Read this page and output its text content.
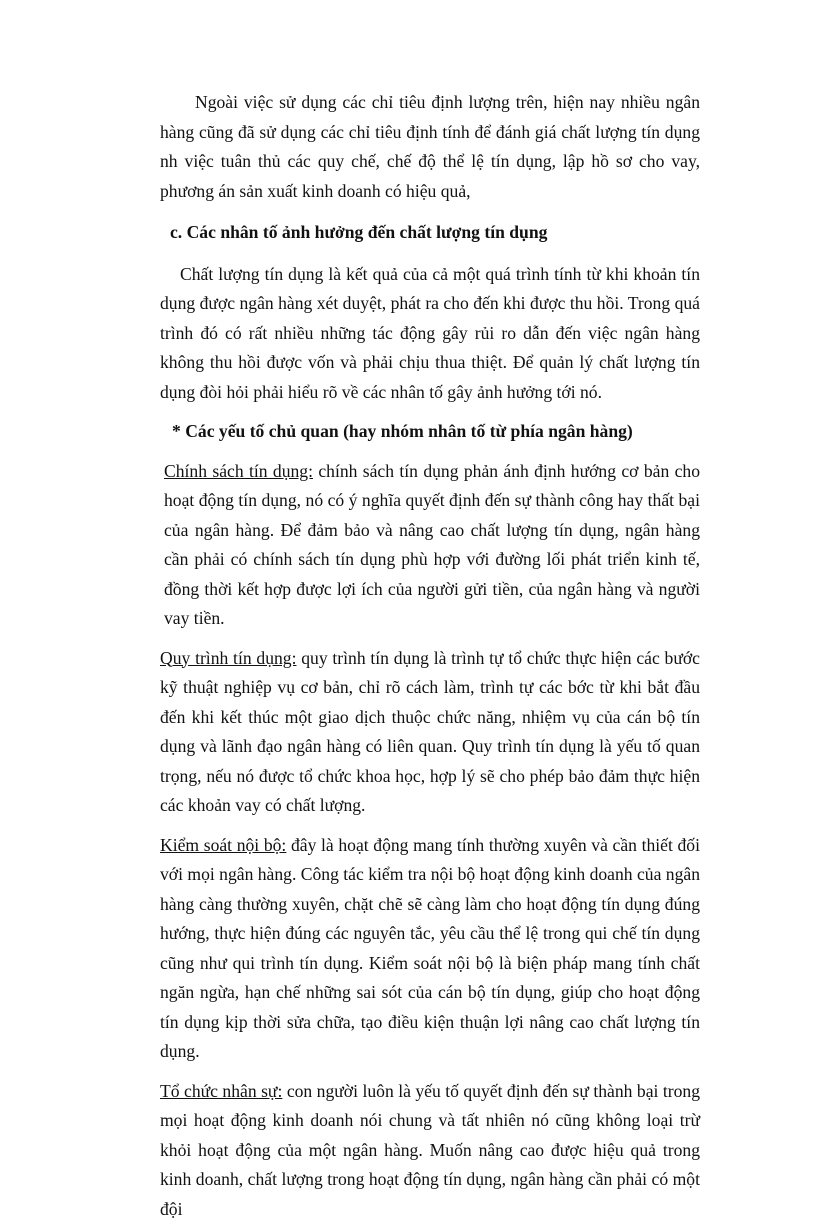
Ngoài việc sử dụng các chỉ tiêu định lượng trên, hiện nay nhiều ngân hàng cũng đã sử dụng các chỉ tiêu định tính để đánh giá chất lượng tín dụng nh việc tuân thủ các quy chế, chế độ thể lệ tín dụng, lập hồ sơ cho vay, phương án sản xuất kinh doanh có hiệu quả,

c. Các nhân tố ảnh hưởng đến chất lượng tín dụng

Chất lượng tín dụng là kết quả của cả một quá trình tính từ khi khoản tín dụng được ngân hàng xét duyệt, phát ra cho đến khi được thu hồi. Trong quá trình đó có rất nhiều những tác động gây rủi ro dẫn đến việc ngân hàng không thu hồi được vốn và phải chịu thua thiệt. Để quản lý chất lượng tín dụng đòi hỏi phải hiểu rõ về các nhân tố gây ảnh hưởng tới nó.

* Các yếu tố chủ quan (hay nhóm nhân tố từ phía ngân hàng)

Chính sách tín dụng: chính sách tín dụng phản ánh định hướng cơ bản cho hoạt động tín dụng, nó có ý nghĩa quyết định đến sự thành công hay thất bại của ngân hàng. Để đảm bảo và nâng cao chất lượng tín dụng, ngân hàng cần phải có chính sách tín dụng phù hợp với đường lối phát triển kinh tế, đồng thời kết hợp được lợi ích của người gửi tiền, của ngân hàng và người vay tiền.

Quy trình tín dụng: quy trình tín dụng là trình tự tổ chức thực hiện các bước kỹ thuật nghiệp vụ cơ bản, chỉ rõ cách làm, trình tự các bớc từ khi bắt đầu đến khi kết thúc một giao dịch thuộc chức năng, nhiệm vụ của cán bộ tín dụng và lãnh đạo ngân hàng có liên quan. Quy trình tín dụng là yếu tố quan trọng, nếu nó được tổ chức khoa học, hợp lý sẽ cho phép bảo đảm thực hiện các khoản vay có chất lượng.

Kiểm soát nội bộ: đây là hoạt động mang tính thường xuyên và cần thiết đối với mọi ngân hàng. Công tác kiểm tra nội bộ hoạt động kinh doanh của ngân hàng càng thường xuyên, chặt chẽ sẽ càng làm cho hoạt động tín dụng đúng hướng, thực hiện đúng các nguyên tắc, yêu cầu thể lệ trong qui chế tín dụng cũng như qui trình tín dụng. Kiểm soát nội bộ là biện pháp mang tính chất ngăn ngừa, hạn chế những sai sót của cán bộ tín dụng, giúp cho hoạt động tín dụng kịp thời sửa chữa, tạo điều kiện thuận lợi nâng cao chất lượng tín dụng.

Tổ chức nhân sự: con người luôn là yếu tố quyết định đến sự thành bại trong mọi hoạt động kinh doanh nói chung và tất nhiên nó cũng không loại trừ khỏi hoạt động của một ngân hàng. Muốn nâng cao được hiệu quả trong kinh doanh, chất lượng trong hoạt động tín dụng, ngân hàng cần phải có một đội
